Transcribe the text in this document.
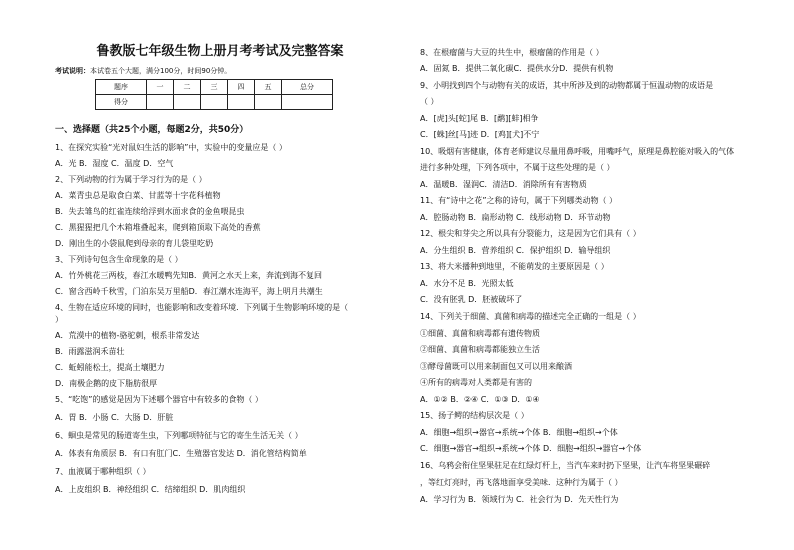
鲁教版七年级生物上册月考考试及完整答案
考试说明：本试卷五个大题，满分100分，时间90分钟。
题序	一	二	三	四	五	总分
得分						
一、选择题（共25个小题，每题2分，共50分）
1、在探究实验“光对鼠妇生活的影响”中，实验中的变量应是（ ）
A．光 B．湿度 C．温度 D．空气
2、下列动物的行为属于学习行为的是（ ）
A．菜青虫总是取食白菜、甘蓝等十字花科植物
B．失去雏鸟的红雀连续给浮到水面求食的金鱼喂昆虫
C．黑猩猩把几个木箱堆叠起来，爬到箱顶取下高处的香蕉
D．刚出生的小袋鼠爬到母亲的育儿袋里吃奶
3、下列诗句包含生命现象的是（ ）
A．竹外桃花三两枝，春江水暖鸭先知B．黄河之水天上来，奔流到海不复回
C．窗含西岭千秋雪，门泊东吴万里船D．春江潮水连海平，海上明月共潮生
4、生物在适应环境的同时，也能影响和改变着环境．下列属于生物影响环境的是（
）
A．荒漠中的植物-骆驼刺，根系非常发达
B．雨露滋润禾苗壮
C．蚯蚓能松土，提高土壤肥力
D．南极企鹅的皮下脂肪很厚
5、“吃饱”的感觉是因为下述哪个器官中有较多的食物（ ）
A．胃 B．小肠 C．大肠 D．肝脏
6、蛔虫是常见的肠道寄生虫，下列哪项特征与它的寄生生活无关（ ）
A．体表有角质层 B．有口有肛门C．生殖器官发达 D．消化管结构简单
7、血液属于哪种组织（ ）
A．上皮组织 B．神经组织 C．结缔组织 D．肌肉组织
8、在根瘤菌与大豆的共生中，根瘤菌的作用是（ ）
A．固氮 B．提供二氧化碳C．提供水分D．提供有机物
9、小明找到四个与动物有关的成语，其中所涉及到的动物都属于恒温动物的成语是
（ ）
A．[虎]头[蛇]尾 B．[鹬][蚌]相争
C．[蛛]丝[马]迹 D．[鸡][犬]不宁
10、吸烟有害健康，体育老师建议尽量用鼻呼吸，用嘴呼气，原理是鼻腔能对吸入的气体
进行多种处理，下列各项中，不属于这些处理的是（ ）
A．温暖B．湿润C．清洁D．消除所有有害物质
11、有“诗中之花”之称的诗句，属于下列哪类动物（ ）
A．腔肠动物 B．扁形动物 C．线形动物 D．环节动物
12、根尖和芽尖之所以具有分裂能力，这是因为它们具有（ ）
A．分生组织 B．营养组织 C．保护组织 D．输导组织
13、将大米播种到地里，不能萌发的主要原因是（ ）
A．水分不足 B．光照太低
C．没有胚乳 D．胚被破坏了
14、下列关于细菌、真菌和病毒的描述完全正确的一组是（ ）
①细菌、真菌和病毒都有遗传物质
②细菌、真菌和病毒都能独立生活
③酵母菌既可以用来制面包又可以用来酿酒
④所有的病毒对人类都是有害的
A．①② B．②④ C．①③ D．①④
15、扬子鳄的结构层次是（ ）
A．细胞→组织→器官→系统→个体 B．细胞→组织→个体
C．细胞→器官→组织→系统→个体 D．细胞→组织→器官→个体
16、乌鸦会衔住坚果驻足在红绿灯杆上，当汽车来时扔下坚果，让汽车将坚果碾碎
，等红灯亮时，再飞落地面享受美味．这种行为属于（ ）
A．学习行为 B．领域行为 C．社会行为 D．先天性行为
